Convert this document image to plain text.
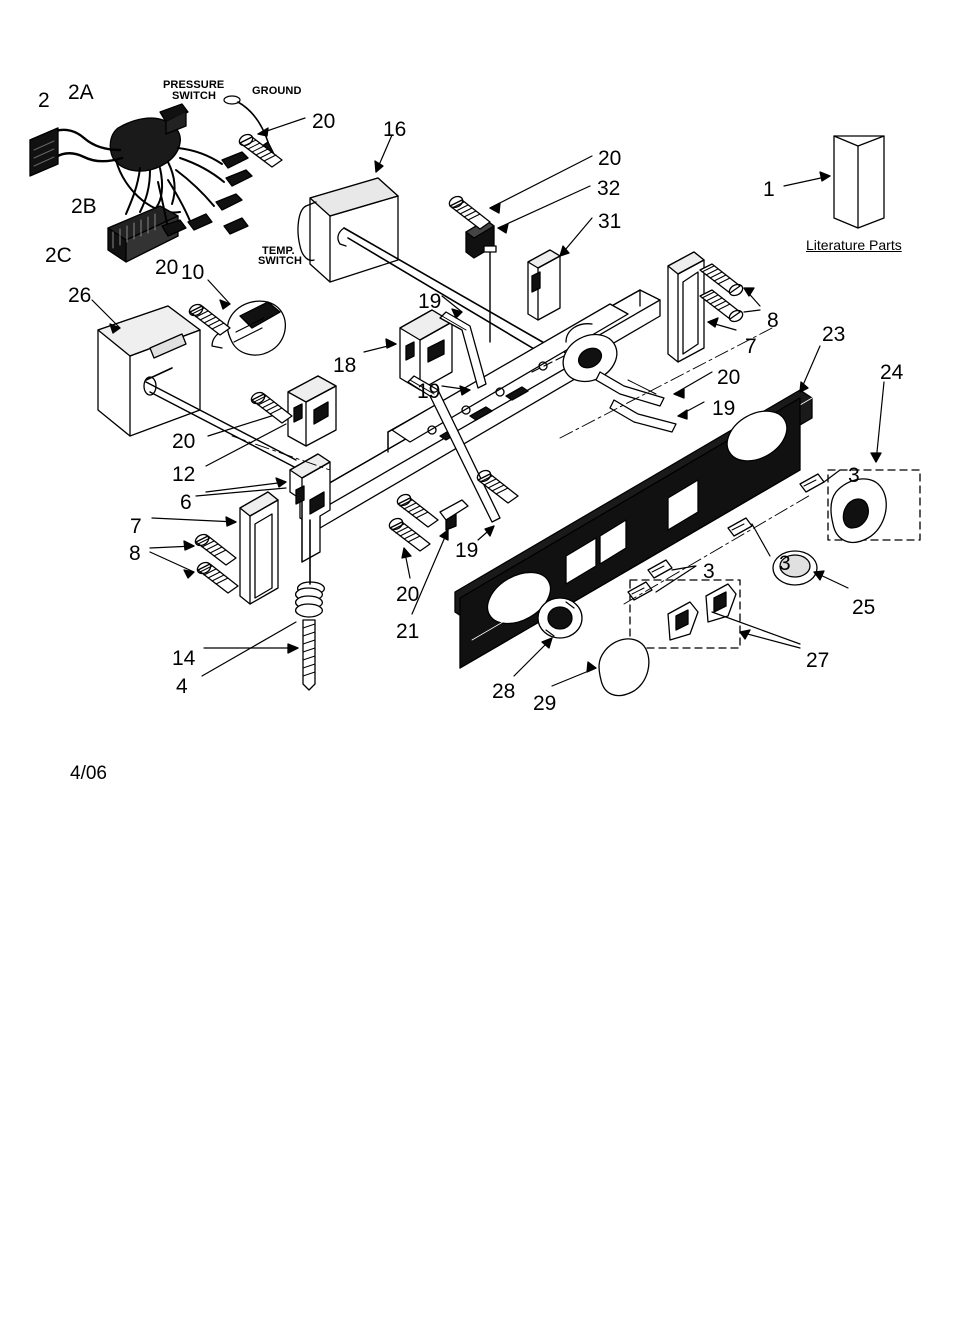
PRESSURE
SWITCH	GROUND
TEMP.
SWITCH
2 2A
2B
2C
20 16
20
32
31
1
26
20 10
19
8
7
23
24
18
20
19
19
20
12	3
6
7
3
8	19
3
25
20
21
27
14
4	28
29
Literature Parts
4/06
